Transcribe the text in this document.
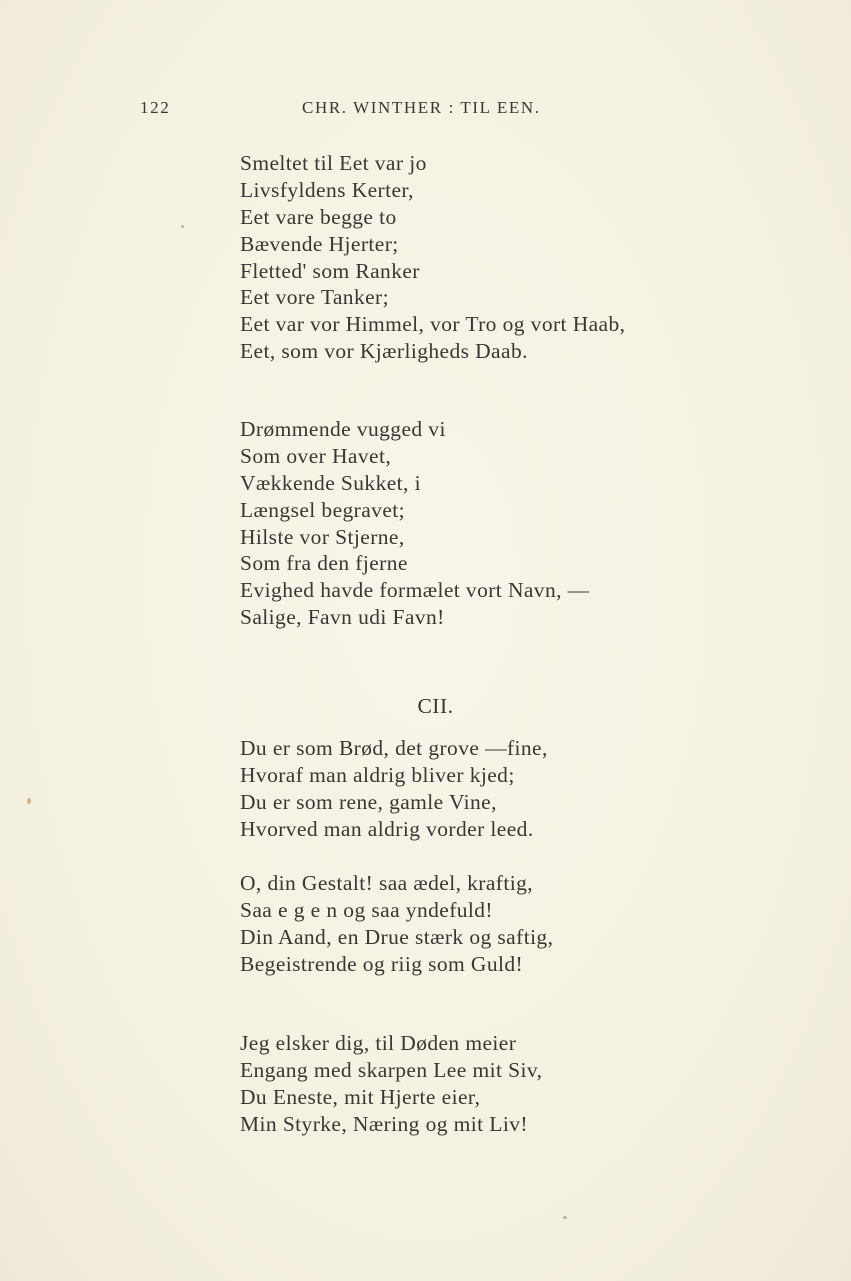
122	CHR. WINTHER : TIL EEN.
Smeltet til Eet var jo
Livsfyldens Kerter,
Eet vare begge to
Bævende Hjerter;
Fletted' som Ranker
Eet vore Tanker;
Eet var vor Himmel, vor Tro og vort Haab,
Eet, som vor Kjærligheds Daab.
Drømmende vugged vi
Som over Havet,
Vækkende Sukket, i
Længsel begravet;
Hilste vor Stjerne,
Som fra den fjerne
Evighed havde formælet vort Navn, —
Salige, Favn udi Favn!
CII.
Du er som Brød, det grove —fine,
Hvoraf man aldrig bliver kjed;
Du er som rene, gamle Vine,
Hvorved man aldrig vorder leed.
O, din Gestalt! saa ædel, kraftig,
Saa e g e n og saa yndefuld!
Din Aand, en Drue stærk og saftig,
Begeistrende og riig som Guld!
Jeg elsker dig, til Døden meier
Engang med skarpen Lee mit Siv,
Du Eneste, mit Hjerte eier,
Min Styrke, Næring og mit Liv!
